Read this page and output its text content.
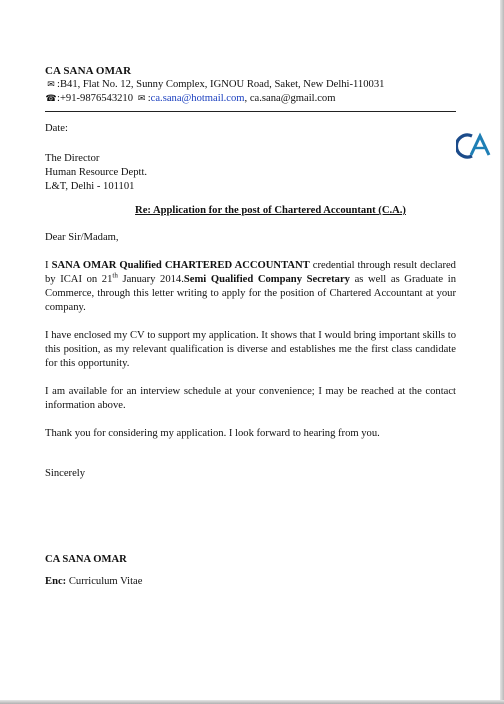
CA SANA OMAR
✉ :B41, Flat No. 12, Sunny Complex, IGNOU Road, Saket, New Delhi-110031
☎:+91-9876543210 ✉ :ca.sana@hotmail.com, ca.sana@gmail.com
Date:
The Director
Human Resource Deptt.
L&T, Delhi - 101101
Re: Application for the post of Chartered Accountant (C.A.)
Dear Sir/Madam,

I SANA OMAR Qualified CHARTERED ACCOUNTANT credential through result declared by ICAI on 21th January 2014.Semi Qualified Company Secretary as well as Graduate in Commerce, through this letter writing to apply for the position of Chartered Accountant at your company.

I have enclosed my CV to support my application. It shows that I would bring important skills to this position, as my relevant qualification is diverse and establishes me the first class candidate for this opportunity.

I am available for an interview schedule at your convenience; I may be reached at the contact information above.

Thank you for considering my application. I look forward to hearing from you.

Sincerely
CA SANA OMAR
Enc: Curriculum Vitae
